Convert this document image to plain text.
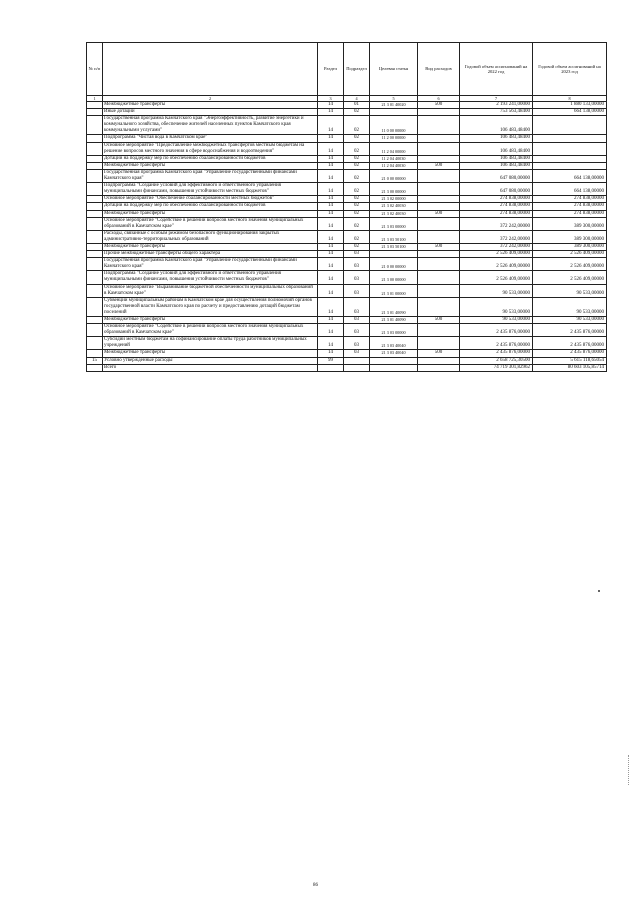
№ п/п		Раздел	Подраздел	Целевая статья	Вид расходов	Годовой объем ассигнований на 2022 год	Годовой объем ассигнований на 2023 год
1	2	3	4	5	6	7	8
	Межбюджетные трансферты	14	01	21 3 01 40020	500	2 193 241,00000	1 880 133,00000
	Иные дотации	14	02			753 563,48400	664 138,00000
	Государственная программа Камчатского края "Энергоэффективность, развитие энергетики и коммунального хозяйства, обеспечение жителей населенных пунктов Камчатского края коммунальными услугами"	14	02	11 0 00 00000		106 483,48400	
	Подпрограмма "Чистая вода в Камчатском крае"	14	02	11 2 00 00000		106 483,48400	
	Основное мероприятие "Предоставление межбюджетных трансфертов местным бюджетам на решение вопросов местного значения в сфере водоснабжения и водоотведения"	14	02	11 2 04 00000		106 483,48400	
	Дотации на поддержку мер по обеспечению сбалансированности бюджетов	14	02	11 2 04 40030		106 483,48400	
	Межбюджетные трансферты	14	02	11 2 04 40030	500	106 483,48400	
	Государственная программа Камчатского края "Управление государственными финансами Камчатского края"	14	02	21 0 00 00000		647 080,00000	664 138,00000
	Подпрограмма "Создание условий для эффективного и ответственного управления муниципальными финансами, повышения устойчивости местных бюджетов"	14	02	21 3 00 00000		647 080,00000	664 138,00000
	Основное мероприятие "Обеспечение сбалансированности местных бюджетов"	14	02	21 3 02 00000		274 838,00000	274 838,00000
	Дотации на поддержку мер по обеспечению сбалансированности бюджетов	14	02	21 3 02 40030		274 838,00000	274 838,00000
	Межбюджетные трансферты	14	02	21 3 02 40030	500	274 838,00000	274 838,00000
	Основное мероприятие "Содействие в решении вопросов местного значения муниципальных образований в Камчатском крае"	14	02	21 3 03 00000		372 242,00000	389 300,00000
	Расходы, связанные с особым режимом безопасного функционирования закрытых административно-территориальных образований	14	02	21 3 03 50100		372 242,00000	389 300,00000
	Межбюджетные трансферты	14	02	21 3 03 50100	500	372 242,00000	389 300,00000
	Прочие межбюджетные трансферты общего характера	14	03			2 526 409,00000	2 526 409,00000
	Государственная программа Камчатского края "Управление государственными финансами Камчатского края"	14	03	21 0 00 00000		2 526 409,00000	2 526 409,00000
	Подпрограмма "Создание условий для эффективного и ответственного управления муниципальными финансами, повышения устойчивости местных бюджетов"	14	03	21 3 00 00000		2 526 409,00000	2 526 409,00000
	Основное мероприятие "Выравнивание бюджетной обеспеченности муниципальных образований в Камчатском крае"	14	03	21 3 01 00000		90 533,00000	90 533,00000
	Субвенции муниципальным районам в Камчатском крае для осуществления полномочий органов государственной власти Камчатского края по расчету и предоставлению дотаций бюджетам поселений	14	03	21 3 01 40090		90 533,00000	90 533,00000
	Межбюджетные трансферты	14	03	21 3 01 40090	500	90 533,00000	90 533,00000
	Основное мероприятие "Содействие в решении вопросов местного значения муниципальных образований в Камчатском крае"	14	03	21 3 03 00000		2 435 876,00000	2 435 876,00000
	Субсидии местным бюджетам на софинансирование оплаты труда работников муниципальных учреждений	14	03	21 3 03 40040		2 435 876,00000	2 435 876,00000
	Межбюджетные трансферты	14	03	21 3 03 40040	500	2 435 876,00000	2 435 876,00000
15	Условно утвержденные расходы	99				2 658 725,30500	5 615 118,65054
	Всего					74 719 301,82962	80 603 105,85714
86
